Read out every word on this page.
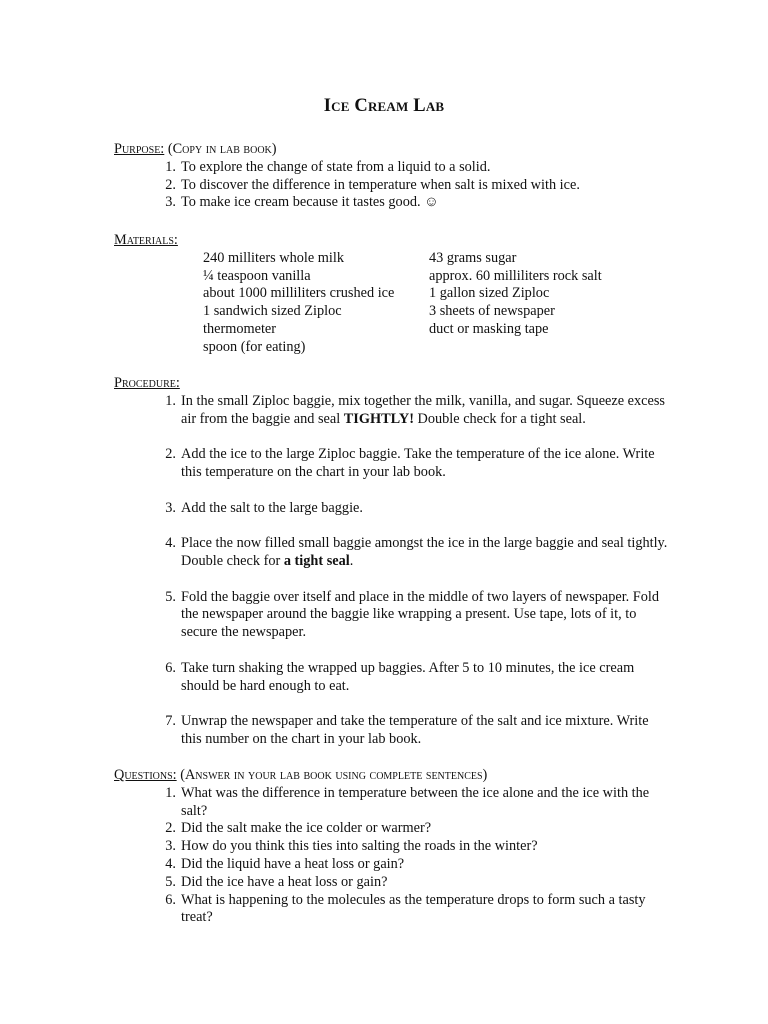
Ice Cream Lab
Purpose: (Copy in lab book)
1. To explore the change of state from a liquid to a solid.
2. To discover the difference in temperature when salt is mixed with ice.
3. To make ice cream because it tastes good. ☺
Materials:
240 milliters whole milk
¼ teaspoon vanilla
about 1000 milliliters crushed ice
1 sandwich sized Ziploc
thermometer
spoon (for eating)
43 grams sugar
approx. 60 milliliters rock salt
1 gallon sized Ziploc
3 sheets of newspaper
duct or masking tape
Procedure:
1. In the small Ziploc baggie, mix together the milk, vanilla, and sugar. Squeeze excess air from the baggie and seal TIGHTLY! Double check for a tight seal.
2. Add the ice to the large Ziploc baggie. Take the temperature of the ice alone. Write this temperature on the chart in your lab book.
3. Add the salt to the large baggie.
4. Place the now filled small baggie amongst the ice in the large baggie and seal tightly. Double check for a tight seal.
5. Fold the baggie over itself and place in the middle of two layers of newspaper. Fold the newspaper around the baggie like wrapping a present. Use tape, lots of it, to secure the newspaper.
6. Take turn shaking the wrapped up baggies. After 5 to 10 minutes, the ice cream should be hard enough to eat.
7. Unwrap the newspaper and take the temperature of the salt and ice mixture. Write this number on the chart in your lab book.
Questions: (Answer in your lab book using complete sentences)
1. What was the difference in temperature between the ice alone and the ice with the salt?
2. Did the salt make the ice colder or warmer?
3. How do you think this ties into salting the roads in the winter?
4. Did the liquid have a heat loss or gain?
5. Did the ice have a heat loss or gain?
6. What is happening to the molecules as the temperature drops to form such a tasty treat?
